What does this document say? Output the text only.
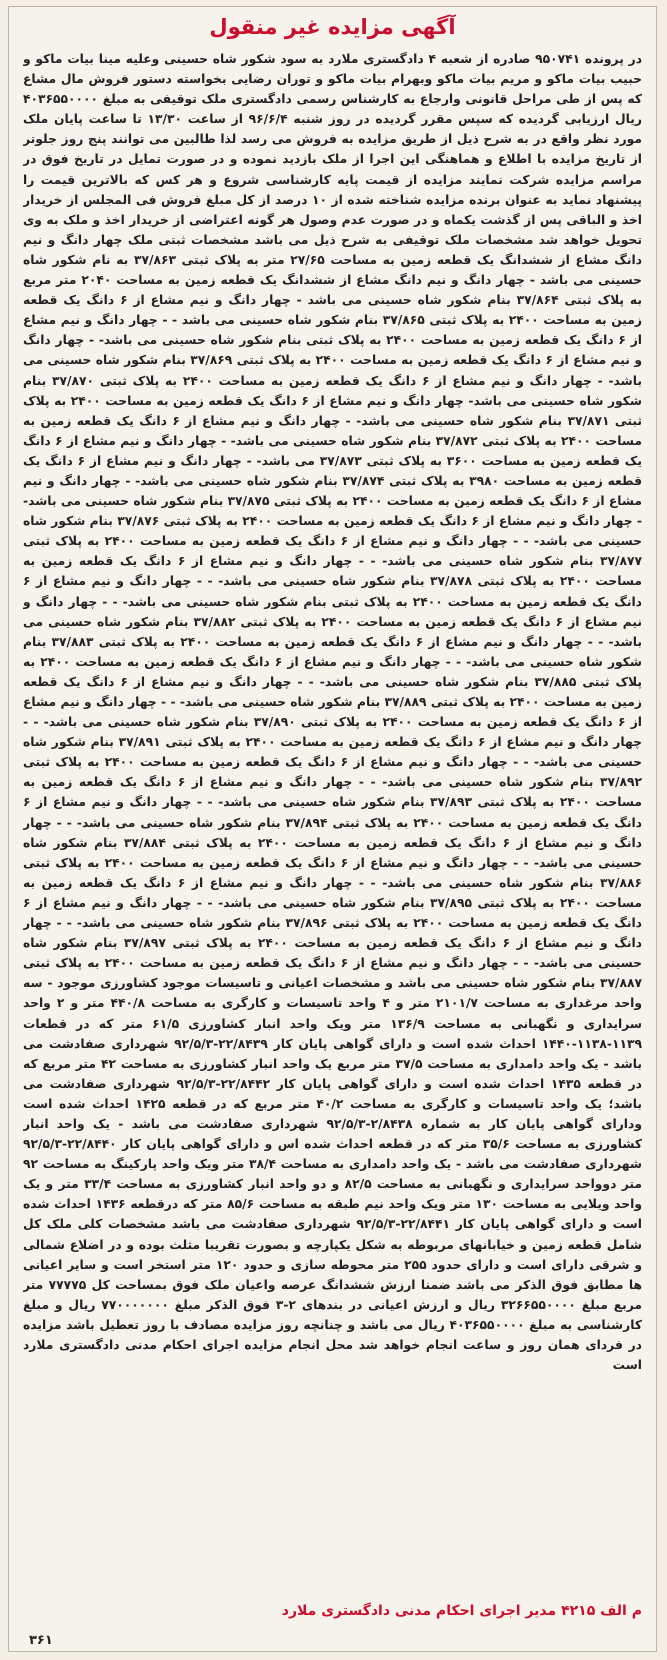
آگهی مزایده غیر منقول
در پرونده ۹۵۰۷۴۱ صادره از شعبه ۴ دادگستری ملارد به سود شکور شاه حسینی وعلیه مینا بیات ماکو و حبیب بیات ماکو و مریم بیات ماکو وبهرام بیات ماکو و توران رضایی بخواسته دستور فروش مال مشاع که پس از طی مراحل قانونی وارجاع به کارشناس رسمی دادگستری ملک توقیفی به مبلغ ۴۰۳۶۵۵۰۰۰۰ ریال ارزیابی گردیده که سپس مقرر گردیده در روز شنبه ۹۶/۶/۴ از ساعت ۱۳/۳۰ تا ساعت پایان ملک مورد نظر واقع در به شرح ذیل از طریق مزایده به فروش می رسد لذا طالبین می توانند پنج روز جلوتر از تاریخ مزایده با اطلاع و هماهنگی این اجرا از ملک بازدید نموده و در صورت تمایل در تاریخ فوق در مراسم مزایده شرکت نمایند مزایده از قیمت پایه کارشناسی شروع و هر کس که بالاترین قیمت را پیشنهاد نماید به عنوان برنده مزایده شناخته شده از ۱۰ درصد از کل مبلغ فروش فی المجلس از خریدار اخذ و الباقی پس از گذشت یکماه و در صورت عدم وصول هر گونه اعتراضی از خریدار اخذ و ملک به وی تحویل خواهد شد مشخصات ملک توقیفی به شرح ذیل می باشد مشخصات ثبتی ملک چهار دانگ و نیم دانگ مشاع از ششدانگ یک قطعه زمین به مساحت ۲۷/۶۵ متر به پلاک ثبتی ۳۷/۸۶۳ به نام شکور شاه حسینی می باشد - چهار دانگ و نیم دانگ مشاع از ششدانگ یک قطعه زمین به مساحت ۲۰۴۰ متر مربع به پلاک ثبتی ۳۷/۸۶۴ بنام شکور شاه حسینی می باشد - چهار دانگ و نیم مشاع از ۶ دانگ یک قطعه زمین به مساحت ۲۴۰۰ به پلاک ثبتی ۳۷/۸۶۵ بنام شکور شاه حسینی می باشد - - چهار دانگ و نیم مشاع از ۶ دانگ یک قطعه زمین به مساحت ۲۴۰۰ به پلاک ثبتی بنام شکور شاه حسینی می باشد- - چهار دانگ و نیم مشاع از ۶ دانگ یک قطعه زمین به مساحت ۲۴۰۰ به پلاک ثبتی ۳۷/۸۶۹ بنام شکور شاه حسینی می باشد- - چهار دانگ و نیم مشاع از ۶ دانگ یک قطعه زمین به مساحت ۲۴۰۰ به پلاک ثبتی ۳۷/۸۷۰ بنام شکور شاه حسینی می باشد- چهار دانگ و نیم مشاع از ۶ دانگ یک قطعه زمین به مساحت ۲۴۰۰ به پلاک ثبتی ۳۷/۸۷۱ بنام شکور شاه حسینی می باشد- - چهار دانگ و نیم مشاع از ۶ دانگ یک قطعه زمین به مساحت ۲۴۰۰ به پلاک ثبتی ۳۷/۸۷۲ بنام شکور شاه حسینی می باشد- - چهار دانگ و نیم مشاع از ۶ دانگ یک قطعه زمین به مساحت ۳۶۰۰ به پلاک ثبتی ۳۷/۸۷۳ می باشد- - چهار دانگ و نیم مشاع از ۶ دانگ یک قطعه زمین به مساحت ۳۹۸۰ به پلاک ثبتی ۳۷/۸۷۴ بنام شکور شاه حسینی می باشد- - چهار دانگ و نیم مشاع از ۶ دانگ یک قطعه زمین به مساحت ۲۴۰۰ به پلاک ثبتی ۳۷/۸۷۵ بنام شکور شاه حسینی می باشد- - چهار دانگ و نیم مشاع از ۶ دانگ یک قطعه زمین به مساحت ۲۴۰۰ به پلاک ثبتی ۳۷/۸۷۶ بنام شکور شاه حسینی می باشد- - - چهار دانگ و نیم مشاع از ۶ دانگ یک قطعه زمین به مساحت ۲۴۰۰ به پلاک ثبتی ۳۷/۸۷۷ بنام شکور شاه حسینی می باشد- - - چهار دانگ و نیم مشاع از ۶ دانگ یک قطعه زمین به مساحت ۲۴۰۰ به پلاک ثبتی ۳۷/۸۷۸ بنام شکور شاه حسینی می باشد- - - چهار دانگ و نیم مشاع از ۶ دانگ یک قطعه زمین به مساحت ۲۴۰۰ به پلاک ثبتی بنام شکور شاه حسینی می باشد- - - چهار دانگ و نیم مشاع از ۶ دانگ یک قطعه زمین به مساحت ۲۴۰۰ به پلاک ثبتی ۳۷/۸۸۲ بنام شکور شاه حسینی می باشد- - - چهار دانگ و نیم مشاع از ۶ دانگ یک قطعه زمین به مساحت ۲۴۰۰ به پلاک ثبتی ۳۷/۸۸۳ بنام شکور شاه حسینی می باشد- - - چهار دانگ و نیم مشاع از ۶ دانگ یک قطعه زمین به مساحت ۲۴۰۰ به پلاک ثبتی ۳۷/۸۸۵ بنام شکور شاه حسینی می باشد- - - چهار دانگ و نیم مشاع از ۶ دانگ یک قطعه زمین به مساحت ۲۴۰۰ به پلاک ثبتی ۳۷/۸۸۹ بنام شکور شاه حسینی می باشد- - - چهار دانگ و نیم مشاع از ۶ دانگ یک قطعه زمین به مساحت ۲۴۰۰ به پلاک ثبتی ۳۷/۸۹۰ بنام شکور شاه حسینی می باشد- - - چهار دانگ و نیم مشاع از ۶ دانگ یک قطعه زمین به مساحت ۲۴۰۰ به پلاک ثبتی ۳۷/۸۹۱ بنام شکور شاه حسینی می باشد- - - چهار دانگ و نیم مشاع از ۶ دانگ یک قطعه زمین به مساحت ۲۴۰۰ به پلاک ثبتی ۳۷/۸۹۲ بنام شکور شاه حسینی می باشد- - - چهار دانگ و نیم مشاع از ۶ دانگ یک قطعه زمین به مساحت ۲۴۰۰ به پلاک ثبتی ۳۷/۸۹۳ بنام شکور شاه حسینی می باشد- - - چهار دانگ و نیم مشاع از ۶ دانگ یک قطعه زمین به مساحت ۲۴۰۰ به پلاک ثبتی ۳۷/۸۹۴ بنام شکور شاه حسینی می باشد- - - چهار دانگ و نیم مشاع از ۶ دانگ یک قطعه زمین به مساحت ۲۴۰۰ به پلاک ثبتی ۳۷/۸۸۴ بنام شکور شاه حسینی می باشد- - - چهار دانگ و نیم مشاع از ۶ دانگ یک قطعه زمین به مساحت ۲۴۰۰ به پلاک ثبتی ۳۷/۸۸۶ بنام شکور شاه حسینی می باشد- - - چهار دانگ و نیم مشاع از ۶ دانگ یک قطعه زمین به مساحت ۲۴۰۰ به پلاک ثبتی ۳۷/۸۹۵ بنام شکور شاه حسینی می باشد- - - چهار دانگ و نیم مشاع از ۶ دانگ یک قطعه زمین به مساحت ۲۴۰۰ به پلاک ثبتی ۳۷/۸۹۶ بنام شکور شاه حسینی می باشد- - - چهار دانگ و نیم مشاع از ۶ دانگ یک قطعه زمین به مساحت ۲۴۰۰ به پلاک ثبتی ۳۷/۸۹۷ بنام شکور شاه حسینی می باشد- - - چهار دانگ و نیم مشاع از ۶ دانگ یک قطعه زمین به مساحت ۲۴۰۰ به پلاک ثبتی ۳۷/۸۸۷ بنام شکور شاه حسینی می باشد و مشخصات اعیانی و تاسیسات موجود کشاورزی موجود - سه واحد مرغداری به مساحت ۲۱۰۱/۷ متر و ۴ واحد تاسیسات و کارگری به مساحت ۴۴۰/۸ متر و ۲ واحد سرایداری و نگهبانی به مساحت ۱۳۶/۹ متر ویک واحد انبار کشاورزی ۶۱/۵ متر که در قطعات ۱۱۳۹-۱۱۳۸-۱۴۴۰ احداث شده است و دارای گواهی پایان کار ۲۲/۸۴۳۹-۹۲/۵/۳ شهرداری صفادشت می باشد - یک واحد دامداری به مساحت ۳۷/۵ متر مربع یک واحد انبار کشاورزی به مساحت ۴۲ متر مربع که در قطعه ۱۴۳۵ احداث شده است و دارای گواهی پایان کار ۲۲/۸۴۴۲-۹۲/۵/۳ شهرداری صفادشت می باشد؛ یک واحد تاسیسات و کارگری به مساحت ۴۰/۲ متر مربع که در قطعه ۱۴۲۵ احداث شده است ودارای گواهی پایان کار به شماره ۲/۸۴۳۸-۹۲/۵/۳ شهرداری صفادشت می باشد - یک واحد انبار کشاورزی به مساحت ۳۵/۶ متر که در قطعه احداث شده اس و دارای گواهی پایان کار ۲۲/۸۴۴۰-۹۲/۵/۳ شهرداری صفادشت می باشد - یک واحد دامداری به مساحت ۳۸/۴ متر ویک واحد پارکینگ به مساحت ۹۲ متر دوواحد سرایداری و نگهبانی به مساحت ۸۲/۵ و دو واحد انبار کشاورزی به مساحت ۳۳/۴ متر و یک واحد ویلایی به مساحت ۱۳۰ متر ویک واحد نیم طبقه به مساحت ۸۵/۶ متر که درقطعه ۱۴۳۶ احداث شده است و دارای گواهی پایان کار ۲۲/۸۴۴۱-۹۲/۵/۳ شهرداری صفادشت می باشد مشخصات کلی ملک کل شامل قطعه زمین و خیابانهای مربوطه به شکل یکپارچه و بصورت تقریبا مثلث بوده و در اضلاع شمالی و شرقی دارای است و دارای حدود ۲۵۵ متر محوطه سازی و حدود ۱۲۰ متر استخر است و سایر اعیانی ها مطابق فوق الذکر می باشد ضمنا ارزش ششدانگ عرصه واعیان ملک فوق بمساحت کل ۷۷۷۷۵ متر مربع مبلغ ۳۲۶۶۵۵۰۰۰۰ ریال و ارزش اعیانی در بندهای ۲-۳ فوق الذکر مبلغ ۷۷۰۰۰۰۰۰۰ ریال و مبلغ کارشناسی به مبلغ ۴۰۳۶۵۵۰۰۰۰ ریال می باشد و چنانچه روز مزایده مصادف با روز تعطیل باشد مزایده در فردای همان روز و ساعت انجام خواهد شد محل انجام مزایده اجرای احکام مدنی دادگستری ملارد است
م الف ۴۲۱۵ مدیر اجرای احکام مدنی دادگستری ملارد
۳۶۱
